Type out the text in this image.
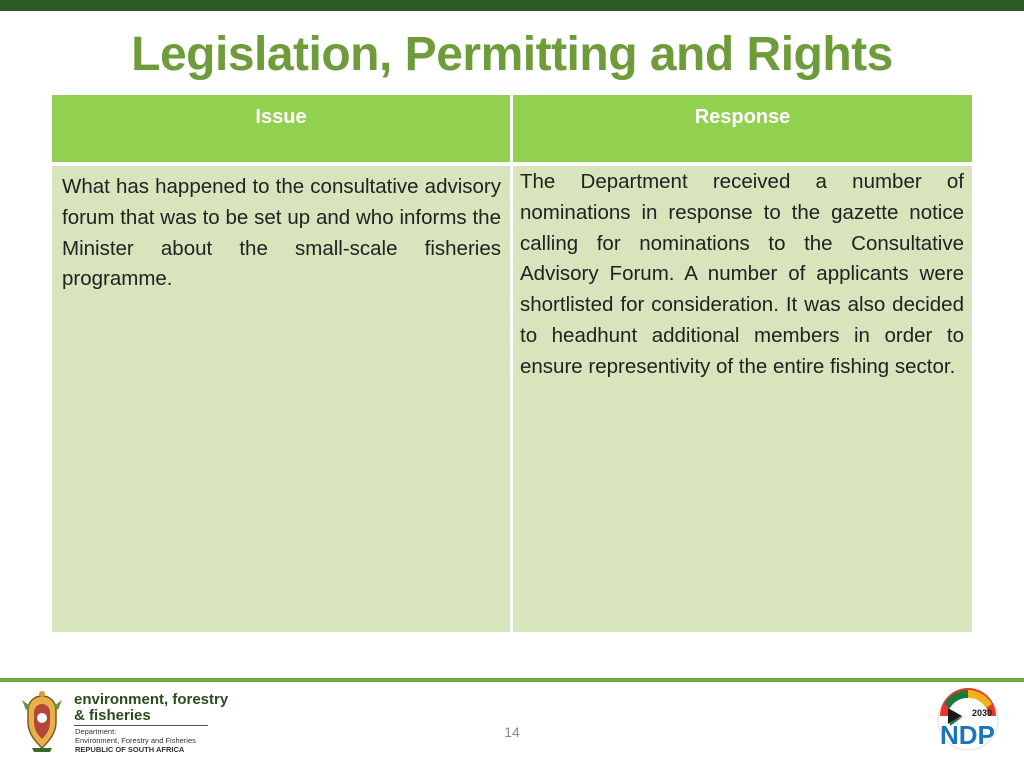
Legislation, Permitting and Rights
Issue	Response

What has happened to the consultative advisory forum that was to be set up and who informs the Minister about the small-scale fisheries programme.

The Department received a number of nominations in response to the gazette notice calling for nominations to the Consultative Advisory Forum. A number of applicants were shortlisted for consideration. It was also decided to headhunt additional members in order to ensure representivity of the entire fishing sector.

environment, forestry
& fisheries
Department:
Environment, Forestry and Fisheries
REPUBLIC OF SOUTH AFRICA
14
2030
NDP
